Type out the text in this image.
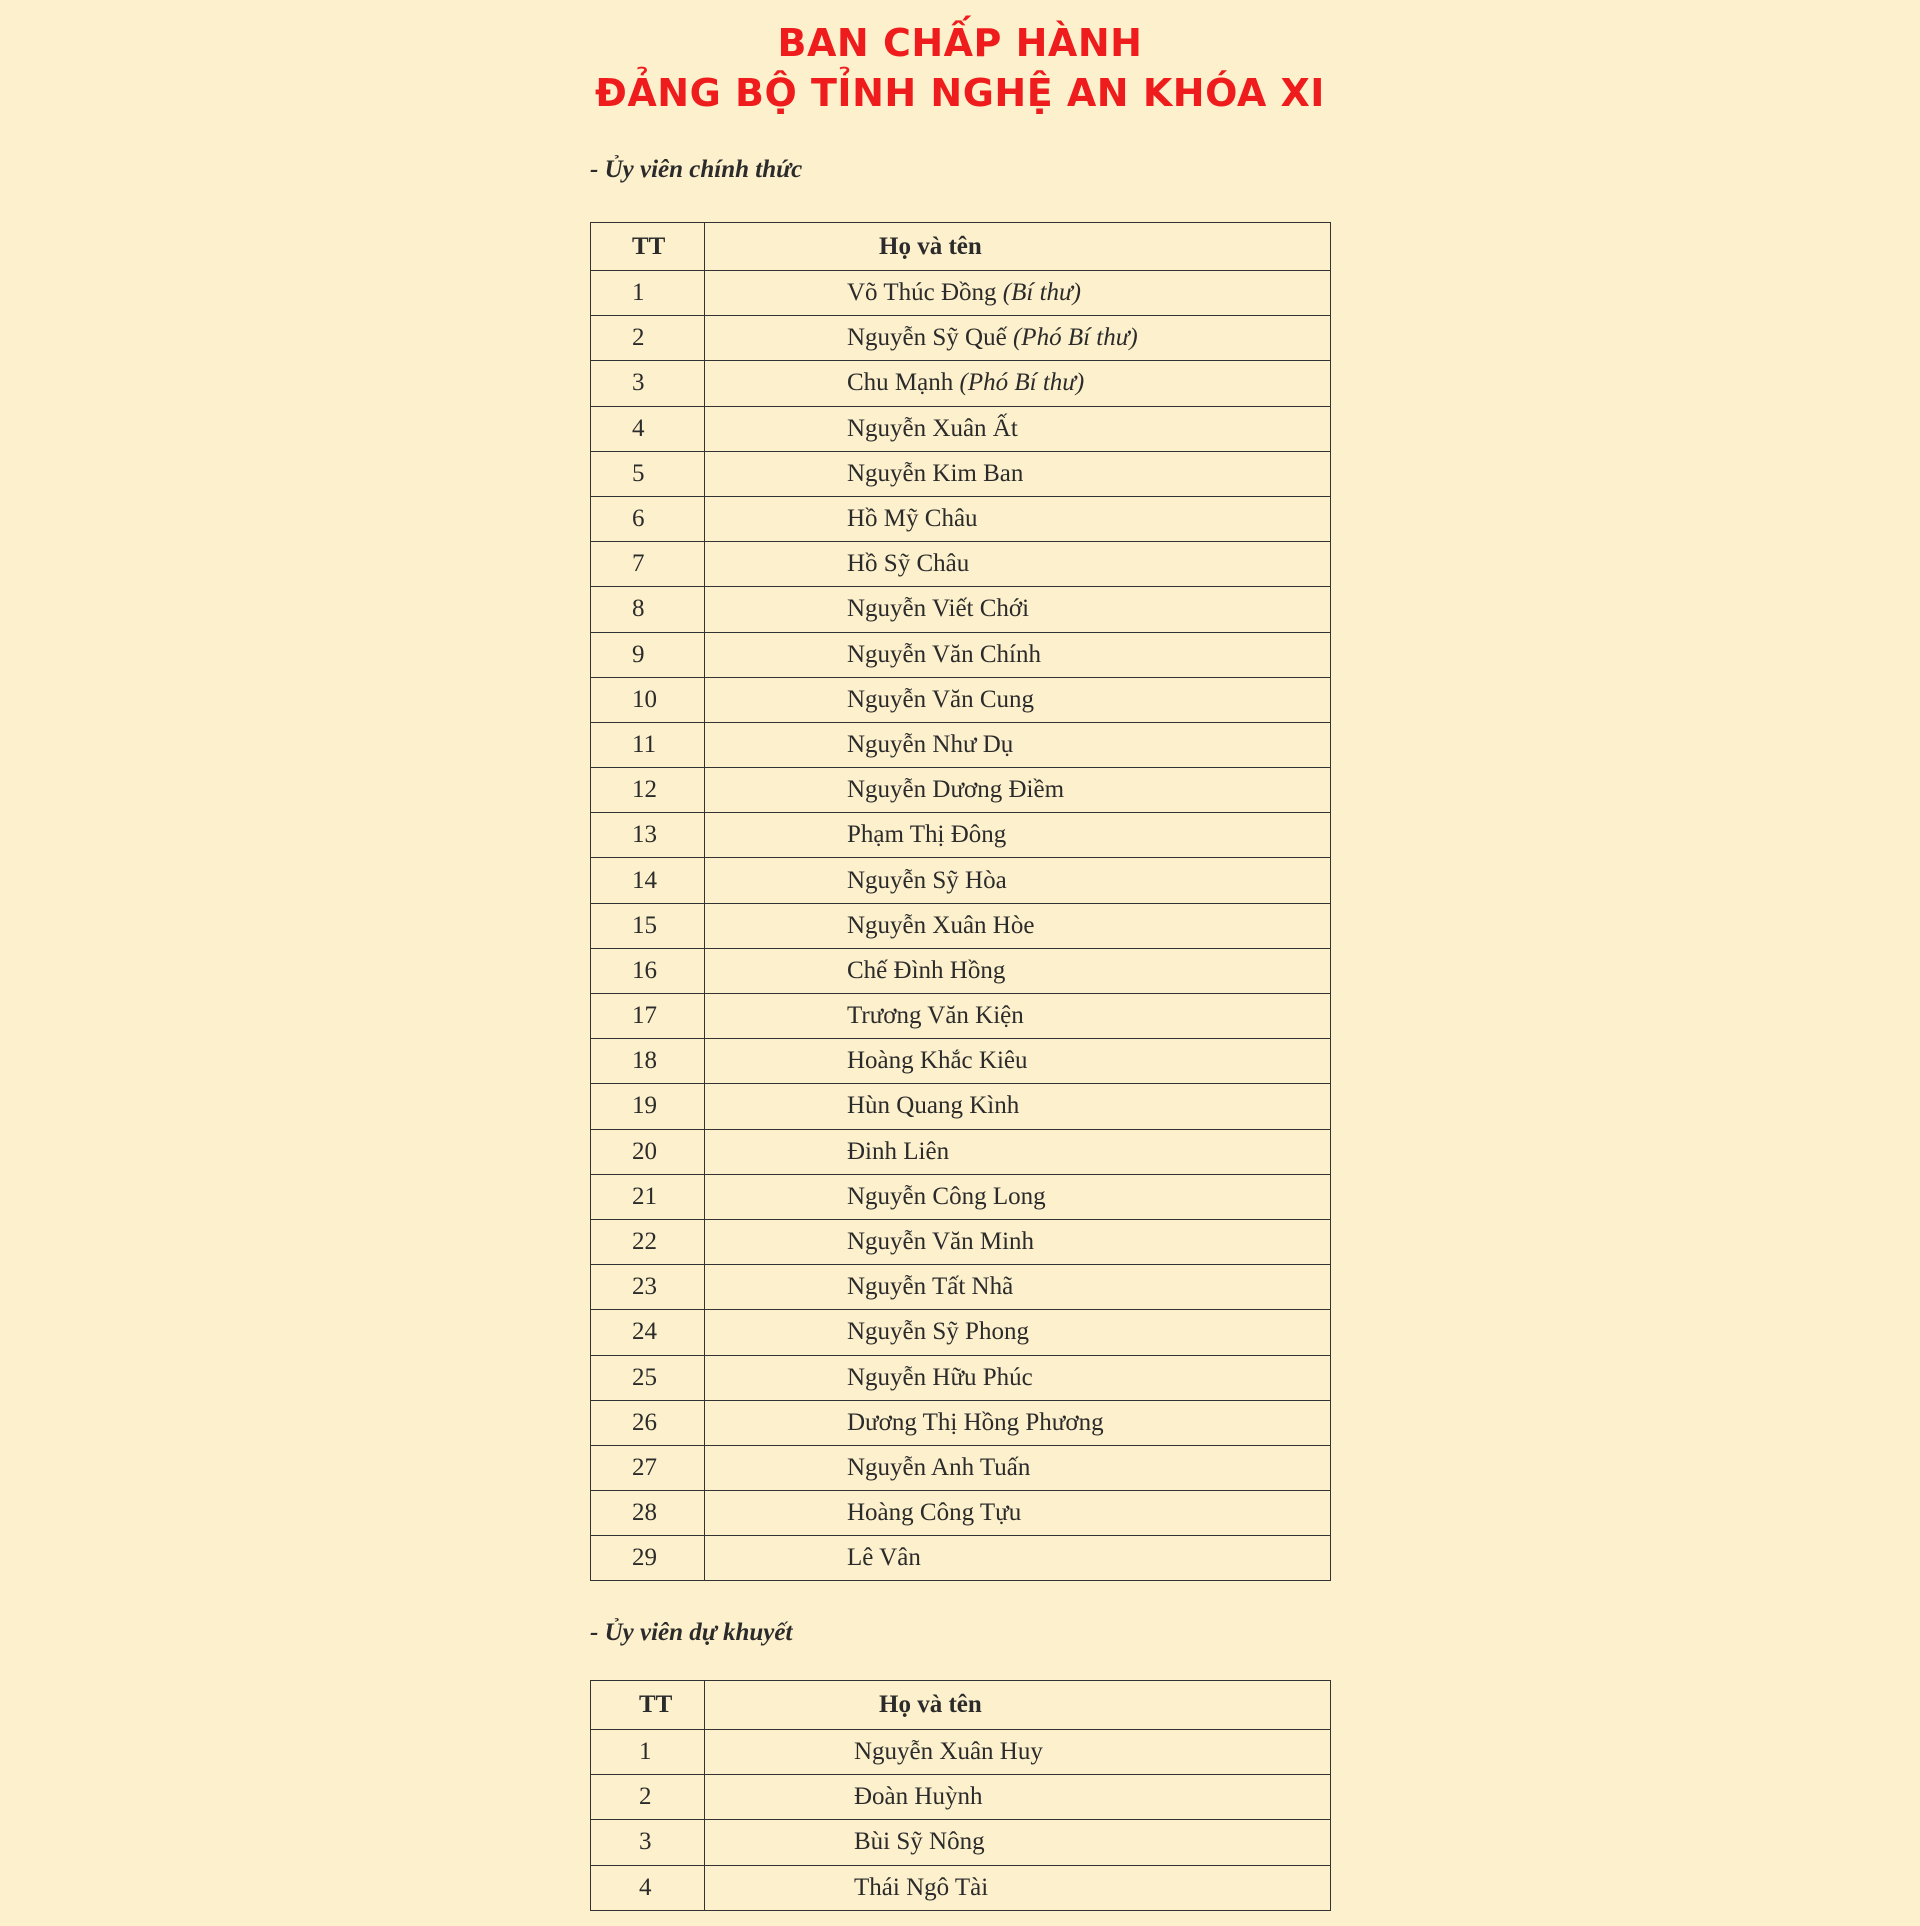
BAN CHẤP HÀNH
ĐẢNG BỘ TỈNH NGHỆ AN KHÓA XI
- Ủy viên chính thức
TT	Họ và tên
1	Võ Thúc Đồng (Bí thư)
2	Nguyễn Sỹ Quế (Phó Bí thư)
3	Chu Mạnh (Phó Bí thư)
4	Nguyễn Xuân Ất
5	Nguyễn Kim Ban
6	Hồ Mỹ Châu
7	Hồ Sỹ Châu
8	Nguyễn Viết Chới
9	Nguyễn Văn Chính
10	Nguyễn Văn Cung
11	Nguyễn Như Dụ
12	Nguyễn Dương Điềm
13	Phạm Thị Đông
14	Nguyễn Sỹ Hòa
15	Nguyễn Xuân Hòe
16	Chế Đình Hồng
17	Trương Văn Kiện
18	Hoàng Khắc Kiêu
19	Hùn Quang Kình
20	Đinh Liên
21	Nguyễn Công Long
22	Nguyễn Văn Minh
23	Nguyễn Tất Nhã
24	Nguyễn Sỹ Phong
25	Nguyễn Hữu Phúc
26	Dương Thị Hồng Phương
27	Nguyễn Anh Tuấn
28	Hoàng Công Tựu
29	Lê Vân
- Ủy viên dự khuyết
TT	Họ và tên
1	Nguyễn Xuân Huy
2	Đoàn Huỳnh
3	Bùi Sỹ Nông
4	Thái Ngô Tài
